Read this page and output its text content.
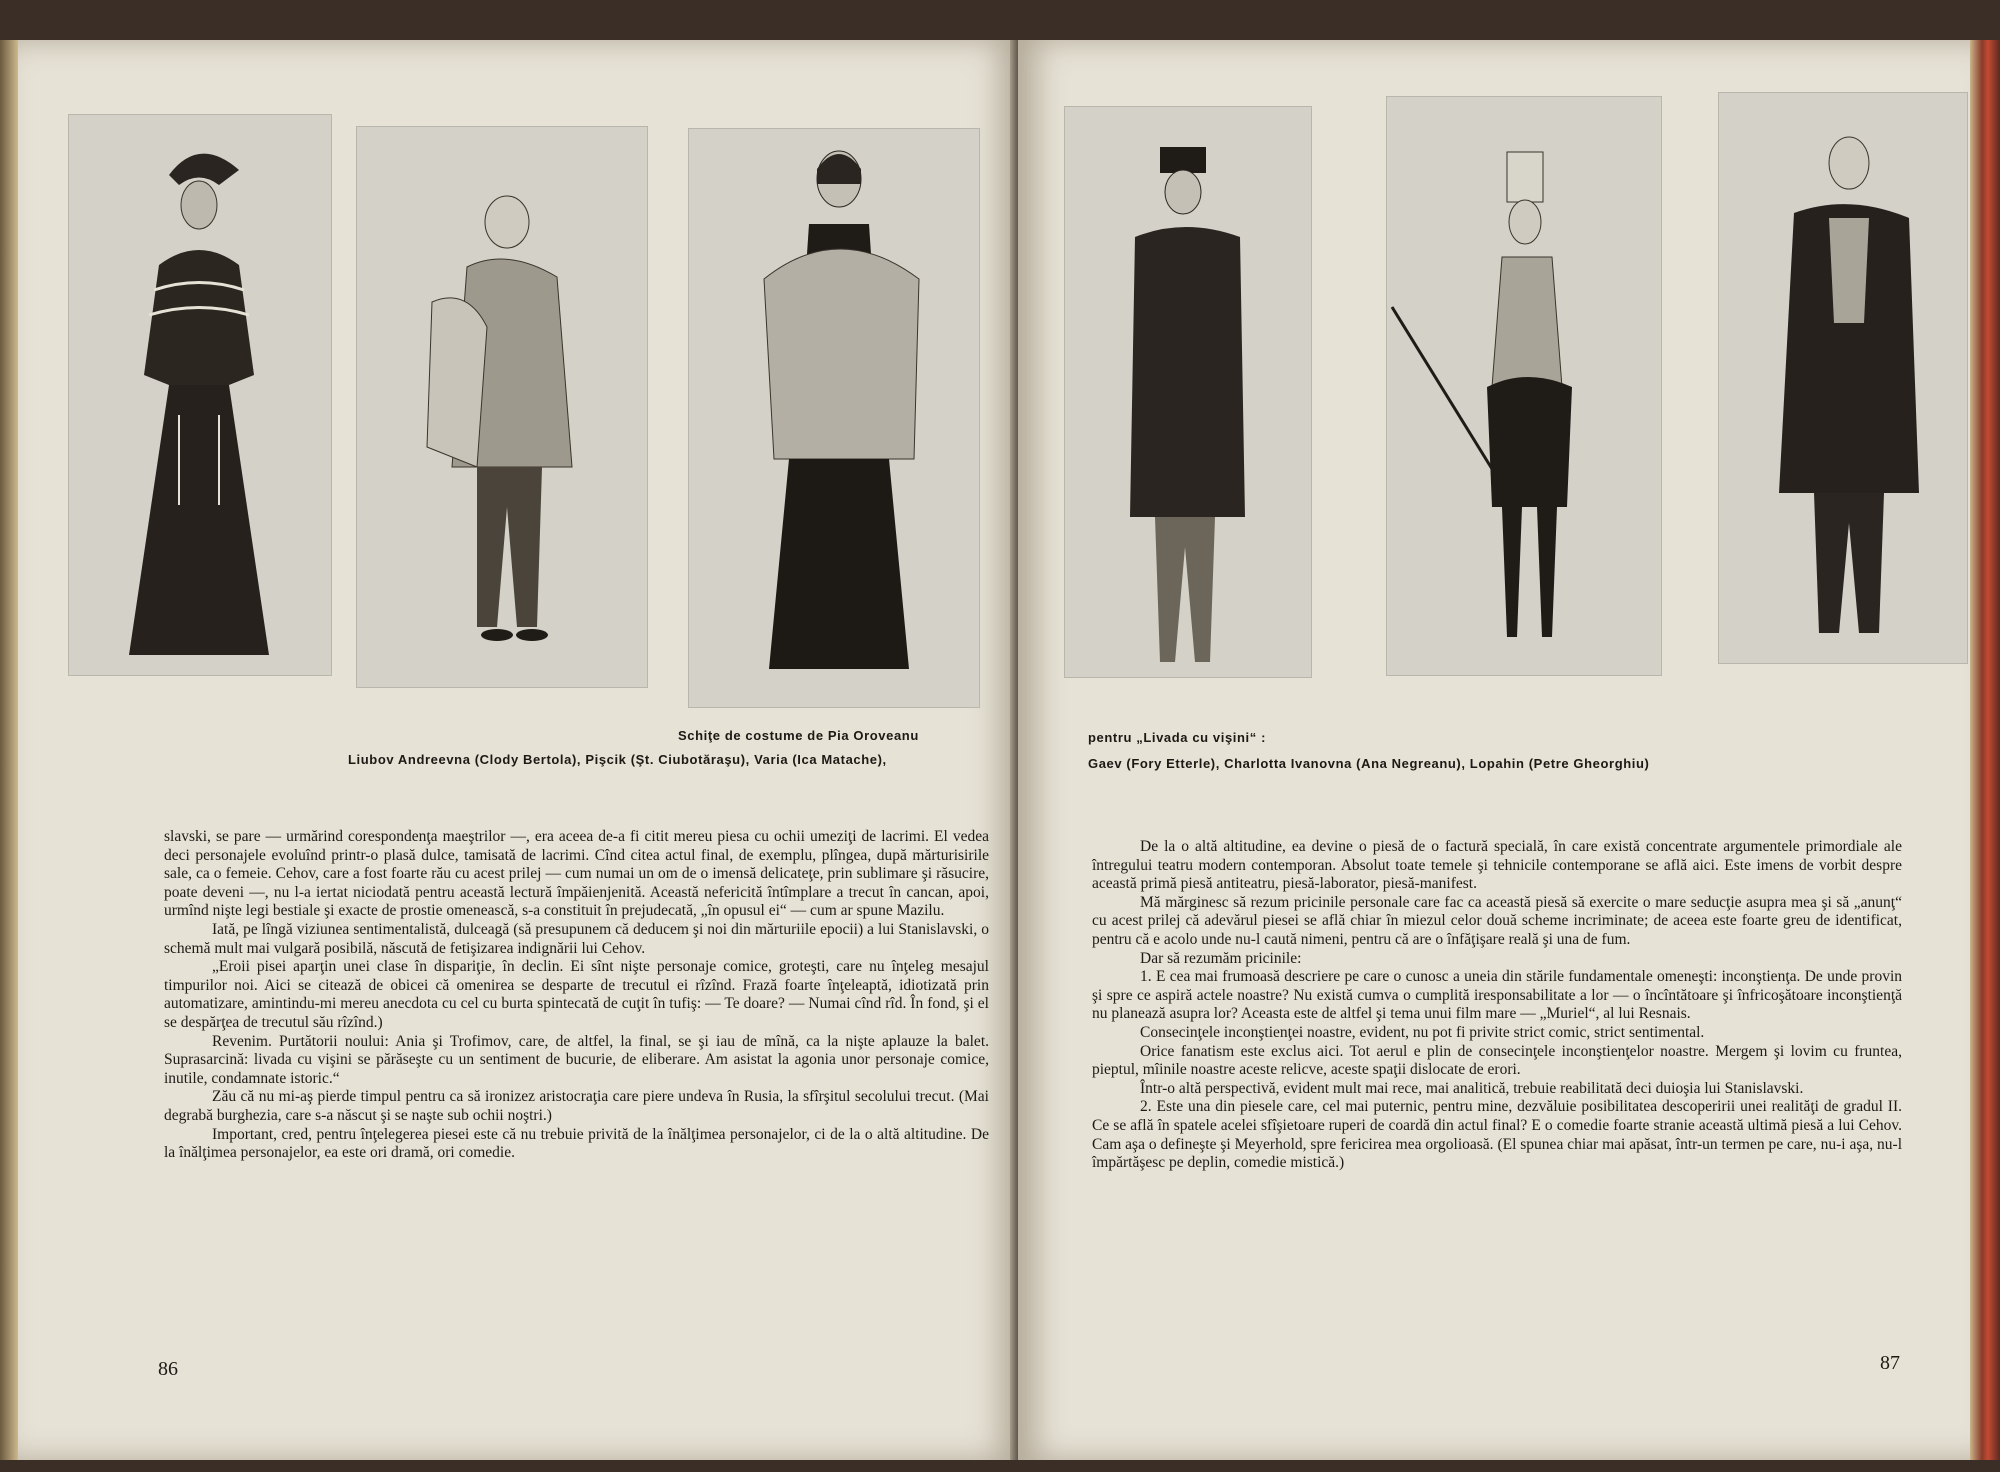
Schiţe de costume de Pia Oroveanu
Liubov Andreevna (Clody Bertola), Pişcik (Şt. Ciubotăraşu), Varia (Ica Matache),

slavski, se pare — urmărind corespondenţa maeştrilor —, era aceea de-a fi citit mereu piesa cu ochii umeziţi de lacrimi. El vedea deci personajele evoluînd printr-o plasă dulce, tamisată de lacrimi. Cînd citea actul final, de exemplu, plîngea, după mărturisirile sale, ca o femeie. Cehov, care a fost foarte rău cu acest prilej — cum numai un om de o imensă delicateţe, prin sublimare şi răsucire, poate deveni —, nu l-a iertat niciodată pentru această lectură împăienjenită. Această nefericită întîmplare a trecut în cancan, apoi, urmînd nişte legi bestiale şi exacte de prostie omenească, s-a constituit în prejudecată, „în opusul ei“ — cum ar spune Mazilu.

Iată, pe lîngă viziunea sentimentalistă, dulceagă (să presupunem că deducem şi noi din mărturiile epocii) a lui Stanislavski, o schemă mult mai vulgară posibilă, născută de fetişizarea indignării lui Cehov.

„Eroii pisei aparţin unei clase în dispariţie, în declin. Ei sînt nişte personaje comice, groteşti, care nu înţeleg mesajul timpurilor noi. Aici se citează de obicei că omenirea se desparte de trecutul ei rîzînd. Frază foarte înţeleaptă, idiotizată prin automatizare, amintindu-mi mereu anecdota cu cel cu burta spintecată de cuţit în tufiş: — Te doare? — Numai cînd rîd. În fond, şi el se despărţea de trecutul său rîzînd.)

Revenim. Purtătorii noului: Ania şi Trofimov, care, de altfel, la final, se şi iau de mînă, ca la nişte aplauze la balet. Suprasarcină: livada cu vişini se părăseşte cu un sentiment de bucurie, de eliberare. Am asistat la agonia unor personaje comice, inutile, condamnate istoric.“

Zău că nu mi-aş pierde timpul pentru ca să ironizez aristocraţia care piere undeva în Rusia, la sfîrşitul secolului trecut. (Mai degrabă burghezia, care s-a născut şi se naşte sub ochii noştri.)

Important, cred, pentru înţelegerea piesei este că nu trebuie privită de la înălţimea personajelor, ci de la o altă altitudine. De la înălţimea personajelor, ea este ori dramă, ori comedie.

86
pentru „Livada cu vişini“ :
Gaev (Fory Etterle), Charlotta Ivanovna (Ana Negreanu), Lopahin (Petre Gheorghiu)

De la o altă altitudine, ea devine o piesă de o factură specială, în care există concentrate argumentele primordiale ale întregului teatru modern contemporan. Absolut toate temele şi tehnicile contemporane se află aici. Este imens de vorbit despre această primă piesă antiteatru, piesă-laborator, piesă-manifest.

Mă mărginesc să rezum pricinile personale care fac ca această piesă să exercite o mare seducţie asupra mea şi să „anunţ“ cu acest prilej că adevărul piesei se află chiar în miezul celor două scheme incriminate; de aceea este foarte greu de identificat, pentru că e acolo unde nu-l caută nimeni, pentru că are o înfăţişare reală şi una de fum.

Dar să rezumăm pricinile:

1. E cea mai frumoasă descriere pe care o cunosc a uneia din stările fundamentale omeneşti: inconştienţa. De unde provin şi spre ce aspiră actele noastre? Nu există cumva o cumplită iresponsabilitate a lor — o încîntătoare şi înfricoşătoare inconştienţă nu planează asupra lor? Aceasta este de altfel şi tema unui film mare — „Muriel“, al lui Resnais.

Consecinţele inconştienţei noastre, evident, nu pot fi privite strict comic, strict sentimental.

Orice fanatism este exclus aici. Tot aerul e plin de consecinţele inconştienţelor noastre. Mergem şi lovim cu fruntea, pieptul, mîinile noastre aceste relicve, aceste spaţii dislocate de erori.

Într-o altă perspectivă, evident mult mai rece, mai analitică, trebuie reabilitată deci duioşia lui Stanislavski.

2. Este una din piesele care, cel mai puternic, pentru mine, dezvăluie posibilitatea descoperirii unei realităţi de gradul II. Ce se află în spatele acelei sfîşietoare ruperi de coardă din actul final? E o comedie foarte stranie această ultimă piesă a lui Cehov. Cam aşa o defineşte şi Meyerhold, spre fericirea mea orgolioasă. (El spunea chiar mai apăsat, într-un termen pe care, nu-i aşa, nu-l împărtăşesc pe deplin, comedie mistică.)

87
